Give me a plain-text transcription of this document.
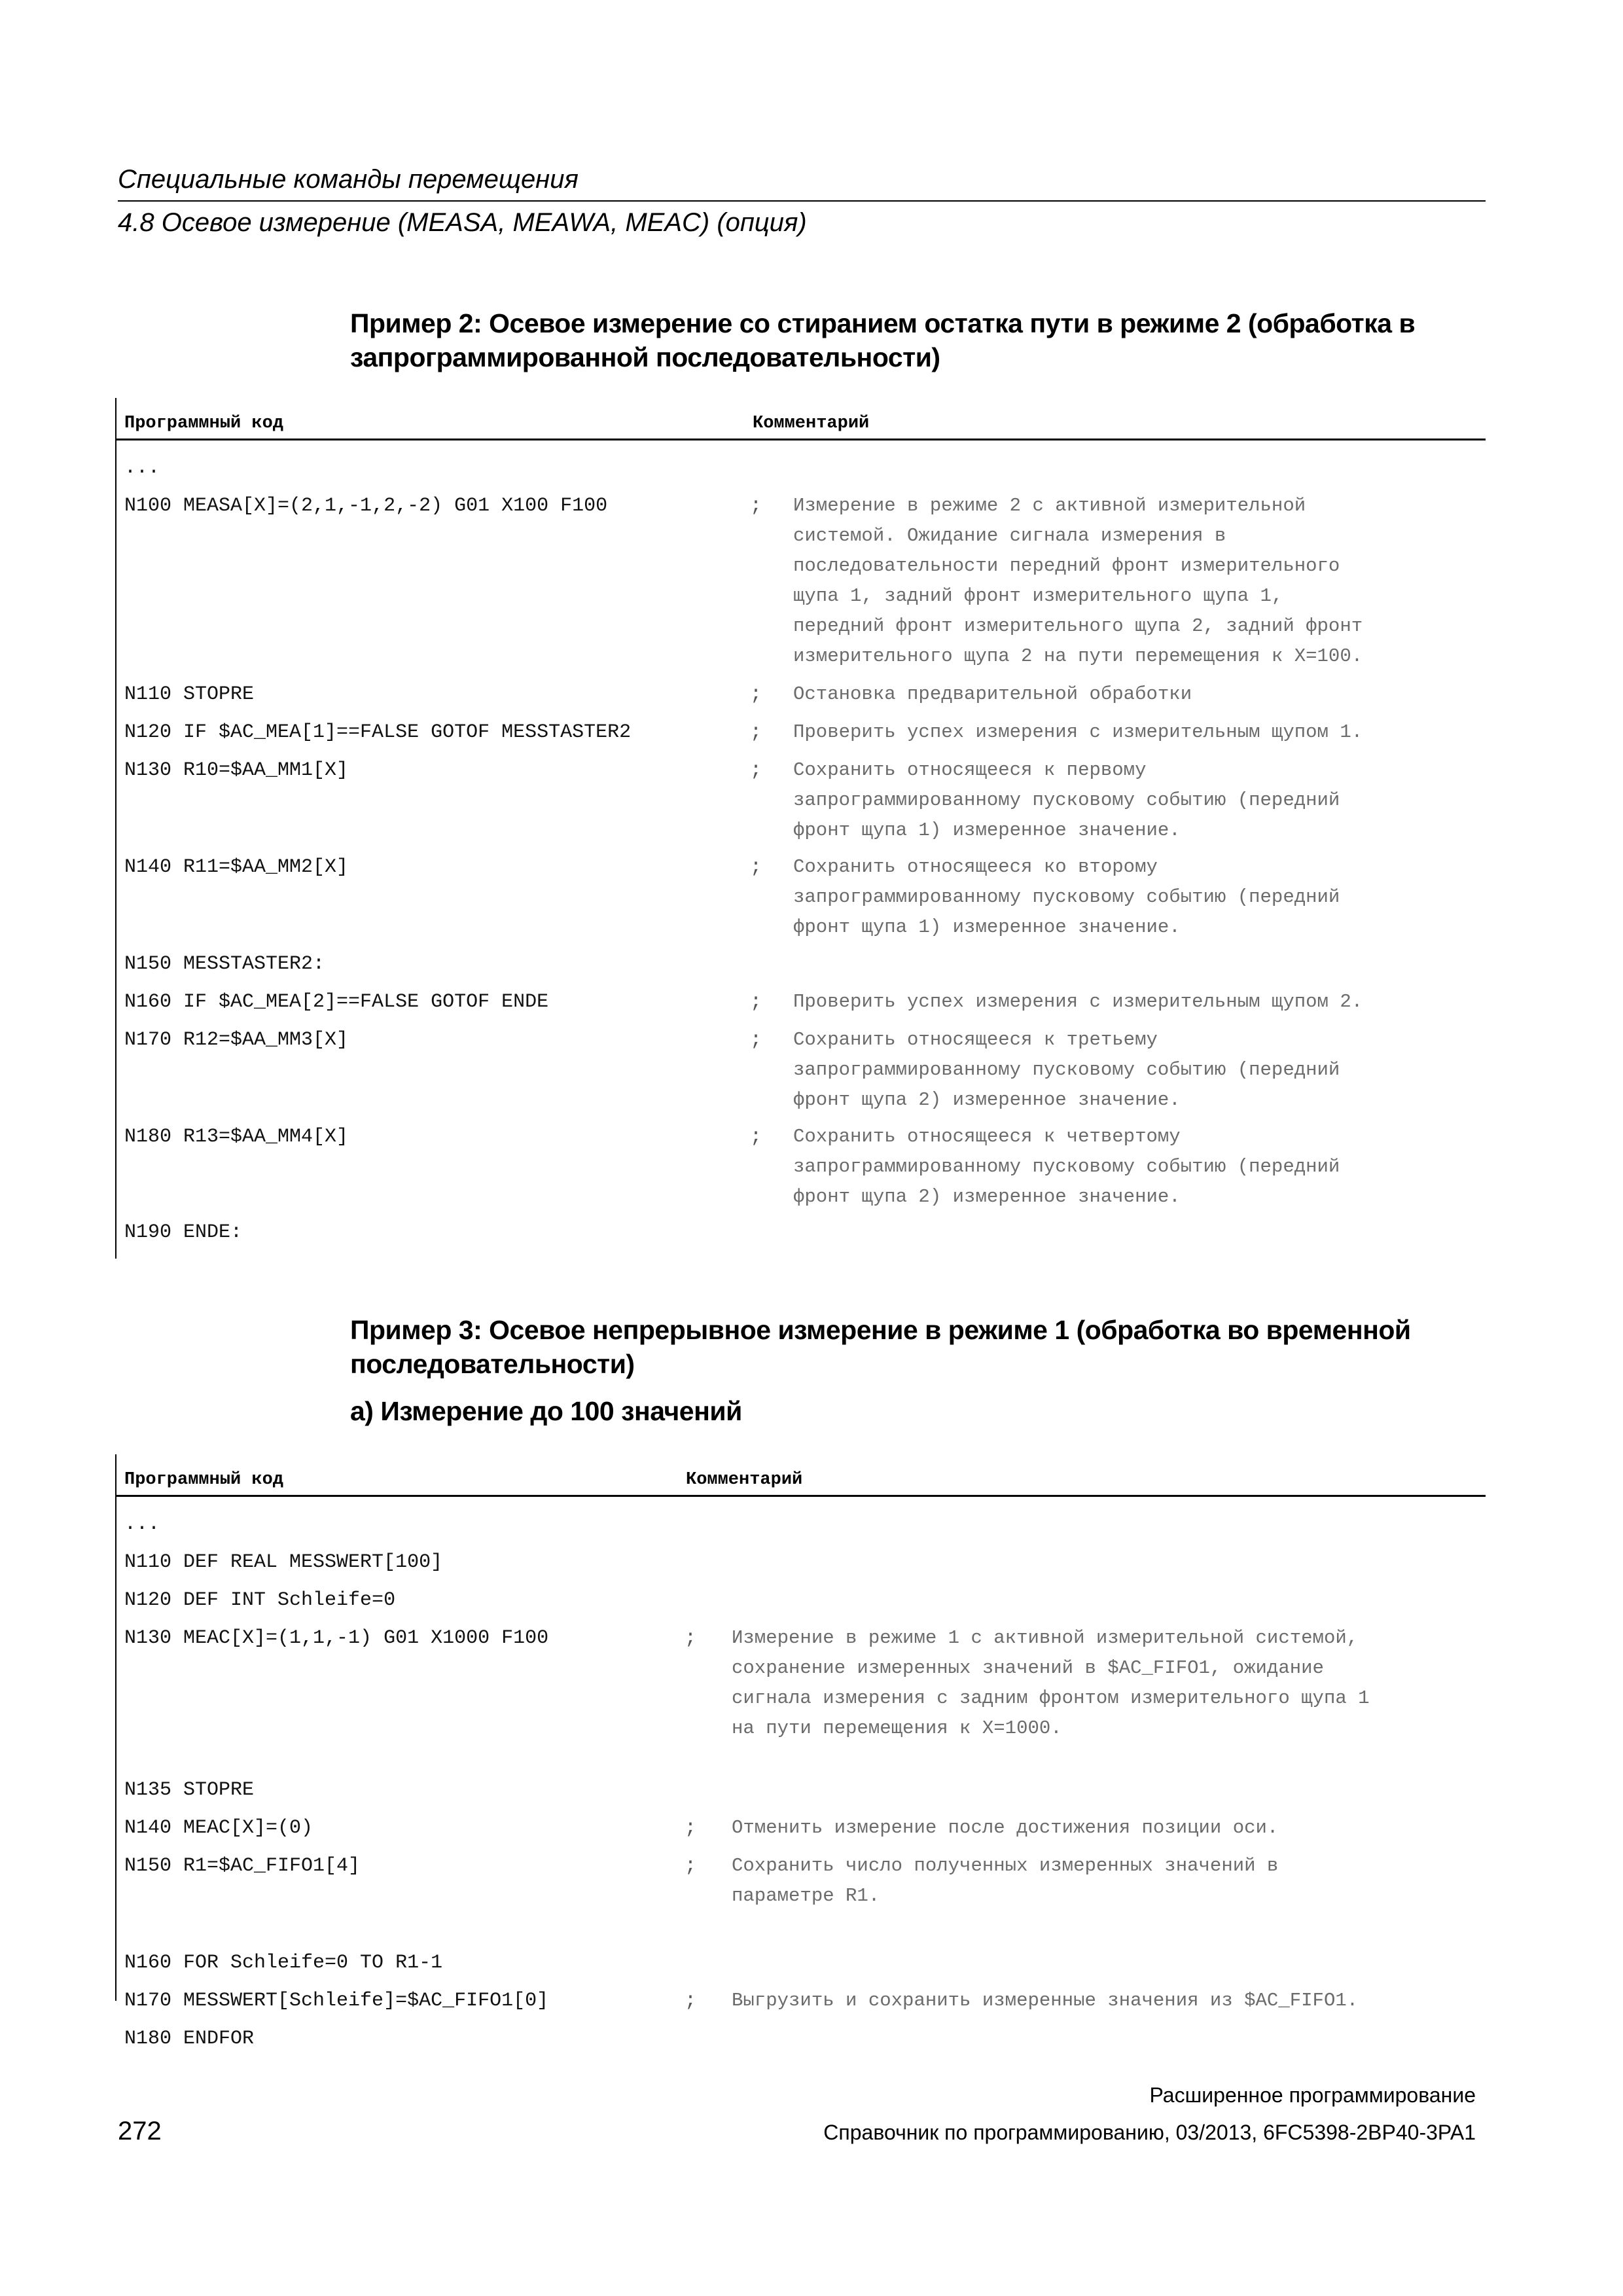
Специальные команды перемещения
4.8 Осевое измерение (MEASA, MEAWA, MEAC) (опция)
Пример 2: Осевое измерение со стиранием остатка пути в режиме 2 (обработка в
запрограммированной последовательности)
Программный код	Комментарий
...
N100 MEASA[X]=(2,1,-1,2,-2) G01 X100 F100	; Измерение в режиме 2 с активной измерительной
системой. Ожидание сигнала измерения в
последовательности передний фронт измерительного
щупа 1, задний фронт измерительного щупа 1,
передний фронт измерительного щупа 2, задний фронт
измерительного щупа 2 на пути перемещения к X=100.
N110 STOPRE	; Остановка предварительной обработки
N120 IF $AC_MEA[1]==FALSE GOTOF MESSTASTER2	; Проверить успех измерения с измерительным щупом 1.
N130 R10=$AA_MM1[X]	; Сохранить относящееся к первому
запрограммированному пусковому событию (передний
фронт щупа 1) измеренное значение.
N140 R11=$AA_MM2[X]	; Сохранить относящееся ко второму
запрограммированному пусковому событию (передний
фронт щупа 1) измеренное значение.
N150 MESSTASTER2:
N160 IF $AC_MEA[2]==FALSE GOTOF ENDE	; Проверить успех измерения с измерительным щупом 2.
N170 R12=$AA_MM3[X]	; Сохранить относящееся к третьему
запрограммированному пусковому событию (передний
фронт щупа 2) измеренное значение.
N180 R13=$AA_MM4[X]	; Сохранить относящееся к четвертому
запрограммированному пусковому событию (передний
фронт щупа 2) измеренное значение.
N190 ENDE:
Пример 3: Осевое непрерывное измерение в режиме 1 (обработка во временной
последовательности)
а) Измерение до 100 значений
Программный код	Комментарий
...
N110 DEF REAL MESSWERT[100]
N120 DEF INT Schleife=0
N130 MEAC[X]=(1,1,-1) G01 X1000 F100	; Измерение в режиме 1 с активной измерительной системой,
сохранение измеренных значений в $AC_FIFO1, ожидание
сигнала измерения с задним фронтом измерительного щупа 1
на пути перемещения к X=1000.
N135 STOPRE
N140 MEAC[X]=(0)	; Отменить измерение после достижения позиции оси.
N150 R1=$AC_FIFO1[4]	; Сохранить число полученных измеренных значений в
параметре R1.
N160 FOR Schleife=0 TO R1-1
N170 MESSWERT[Schleife]=$AC_FIFO1[0]	; Выгрузить и сохранить измеренные значения из $AC_FIFO1.
N180 ENDFOR
Расширенное программирование
272	Справочник по программированию, 03/2013, 6FC5398-2BP40-3PA1
